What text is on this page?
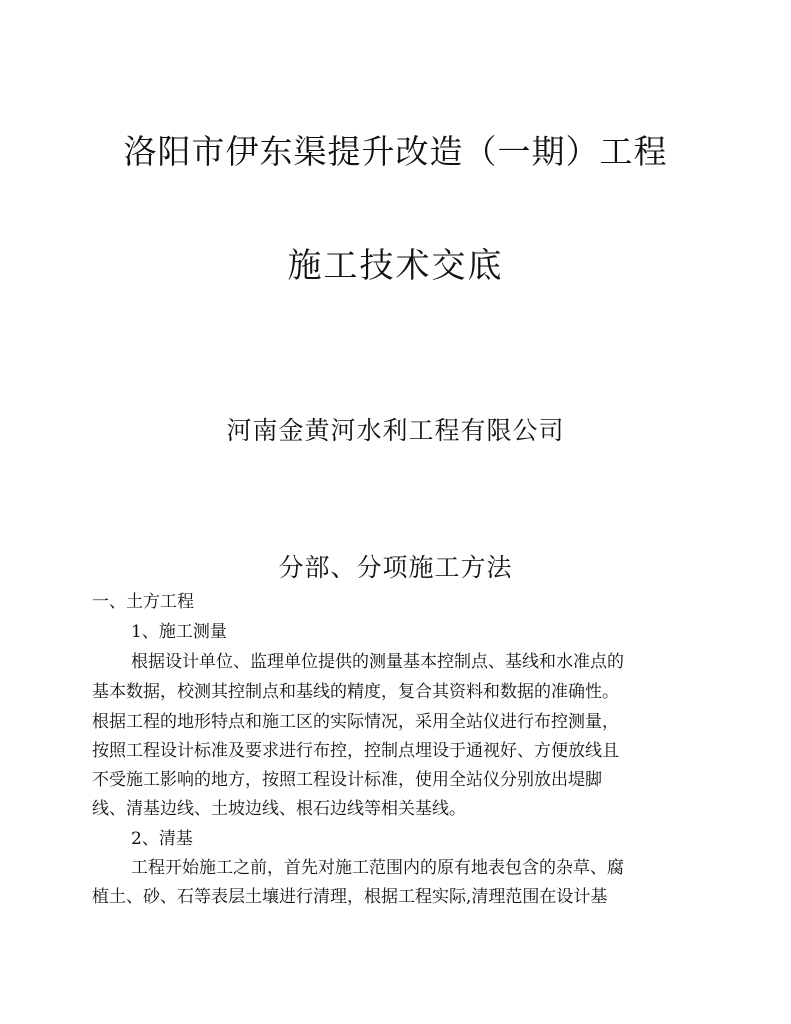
洛阳市伊东渠提升改造（一期）工程
施工技术交底
河南金黄河水利工程有限公司
分部、分项施工方法
一、土方工程
1、施工测量
根据设计单位、监理单位提供的测量基本控制点、基线和水准点的
基本数据，校测其控制点和基线的精度，复合其资料和数据的准确性。
根据工程的地形特点和施工区的实际情况，采用全站仪进行布控测量，
按照工程设计标准及要求进行布控，控制点埋设于通视好、方便放线且
不受施工影响的地方，按照工程设计标准，使用全站仪分别放出堤脚
线、清基边线、土坡边线、根石边线等相关基线。
2、清基
工程开始施工之前，首先对施工范围内的原有地表包含的杂草、腐
植土、砂、石等表层土壤进行清理，根据工程实际,清理范围在设计基
